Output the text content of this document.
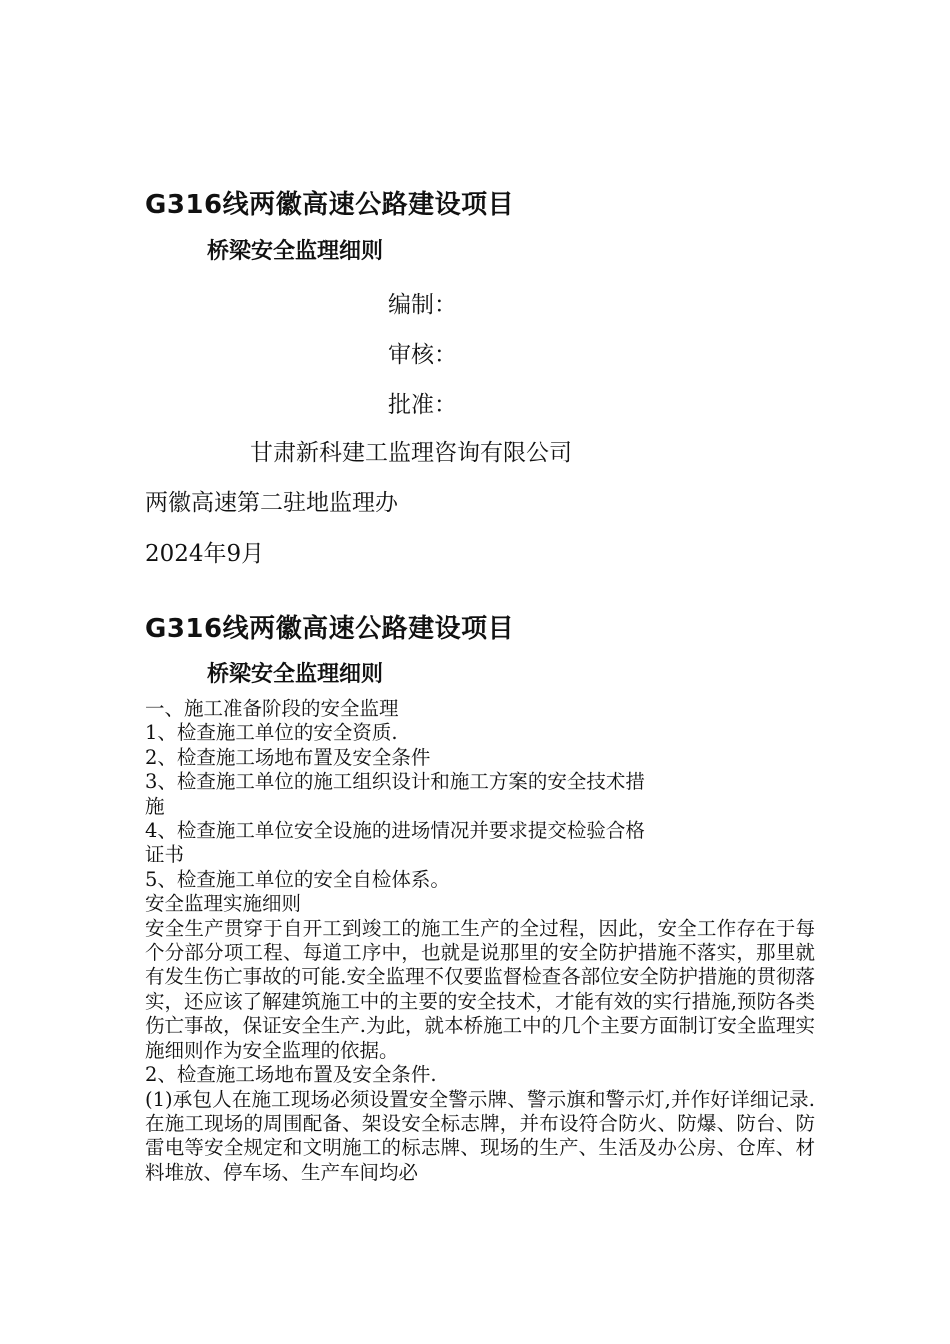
G316线两徽高速公路建设项目
桥梁安全监理细则
编制：
审核：
批准：
甘肃新科建工监理咨询有限公司
两徽高速第二驻地监理办
2024年9月
G316线两徽高速公路建设项目
桥梁安全监理细则
一、施工准备阶段的安全监理
1、检查施工单位的安全资质.
2、检查施工场地布置及安全条件
3、检查施工单位的施工组织设计和施工方案的安全技术措
施
4、检查施工单位安全设施的进场情况并要求提交检验合格
证书
5、检查施工单位的安全自检体系。
安全监理实施细则
安全生产贯穿于自开工到竣工的施工生产的全过程，因此，安全工作存在于每个分部分项工程、每道工序中，也就是说那里的安全防护措施不落实，那里就有发生伤亡事故的可能.安全监理不仅要监督检查各部位安全防护措施的贯彻落实，还应该了解建筑施工中的主要的安全技术，才能有效的实行措施,预防各类伤亡事故，保证安全生产.为此，就本桥施工中的几个主要方面制订安全监理实施细则作为安全监理的依据。
2、检查施工场地布置及安全条件.
(1)承包人在施工现场必须设置安全警示牌、警示旗和警示灯,并作好详细记录.在施工现场的周围配备、架设安全标志牌，并布设符合防火、防爆、防台、防雷电等安全规定和文明施工的标志牌、现场的生产、生活及办公房、仓库、材料堆放、停车场、生产车间均必
